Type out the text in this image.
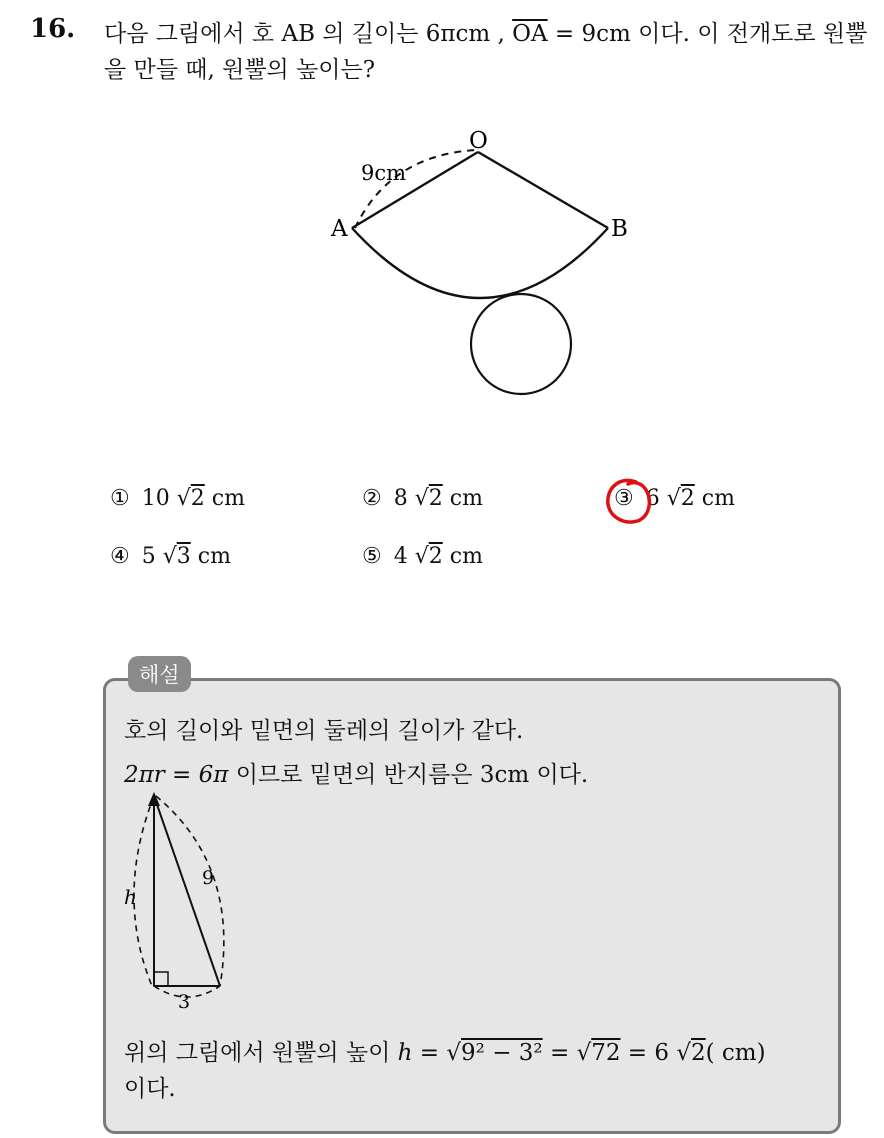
16. 다음 그림에서 호 AB 의 길이는 6πcm , $\overline{OA} = 9cm$ 이다. 이 전개도로 원뿔을 만들 때, 원뿔의 높이는?
O
A	B
9cm
① 10 √2 cm	② 8 √2 cm	③ 6 √2 cm
④ 5 √3 cm	⑤ 4 √2 cm
해설
호의 길이와 밑면의 둘레의 길이가 같다.
2πr = 6π 이므로 밑면의 반지름은 3cm 이다.
h
9
3
위의 그림에서 원뿔의 높이 h = √9² − 3² = √72 = 6 √2( cm)
이다.
